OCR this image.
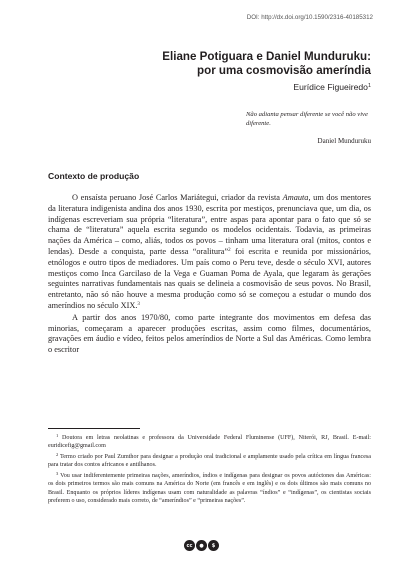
DOI: http://dx.doi.org/10.1590/2316-40185312
Eliane Potiguara e Daniel Munduruku:
por uma cosmovisão ameríndia
Eurídice Figueiredo$^1$
Não adianta pensar diferente se você não vive diferente.
Daniel Munduruku
Contexto de produção

O ensaísta peruano José Carlos Mariátegui, criador da revista Amauta, um dos mentores da literatura indigenista andina dos anos 1930, escrita por mestiços, prenunciava que, um dia, os indígenas escreveriam sua própria “literatura”, entre aspas para apontar para o fato que só se chama de “literatura” aquela escrita segundo os modelos ocidentais. Todavia, as primeiras nações da América – como, aliás, todos os povos – tinham uma literatura oral (mitos, contos e lendas). Desde a conquista, parte dessa “oralitura”$^2$ foi escrita e reunida por missionários, etnólogos e outro tipos de mediadores. Um país como o Peru teve, desde o século XVI, autores mestiços como Inca Garcilaso de la Vega e Guaman Poma de Ayala, que legaram às gerações seguintes narrativas fundamentais nas quais se delineia a cosmovisão de seus povos. No Brasil, entretanto, não só não houve a mesma produção como só se começou a estudar o mundo dos ameríndios no século XIX.$^3$

A partir dos anos 1970/80, como parte integrante dos movimentos em defesa das minorias, começaram a aparecer produções escritas, assim como filmes, documentários, gravações em áudio e vídeo, feitos pelos ameríndios de Norte a Sul das Américas. Como lembra o escritor

$^1$ Doutora em letras neolatinas e professora da Universidade Federal Fluminense (UFF), Niterói, RJ, Brasil. E-mail: euridicefig@gmail.com

$^2$ Termo criado por Paul Zumthor para designar a produção oral tradicional e amplamente usado pela crítica em língua francesa para tratar dos contos africanos e antilhanos.

$^3$ Vou usar indiferentemente primeiras nações, ameríndios, índios e indígenas para designar os povos autóctones das Américas: os dois primeiros termos são mais comuns na América do Norte (em francês e em inglês) e os dois últimos são mais comuns no Brasil. Enquanto os próprios líderes indígenas usam com naturalidade as palavras “índios” e “indígenas”, os cientistas sociais preferem o uso, considerado mais correto, de “ameríndios” e “primeiras nações”.

cc	●	$
